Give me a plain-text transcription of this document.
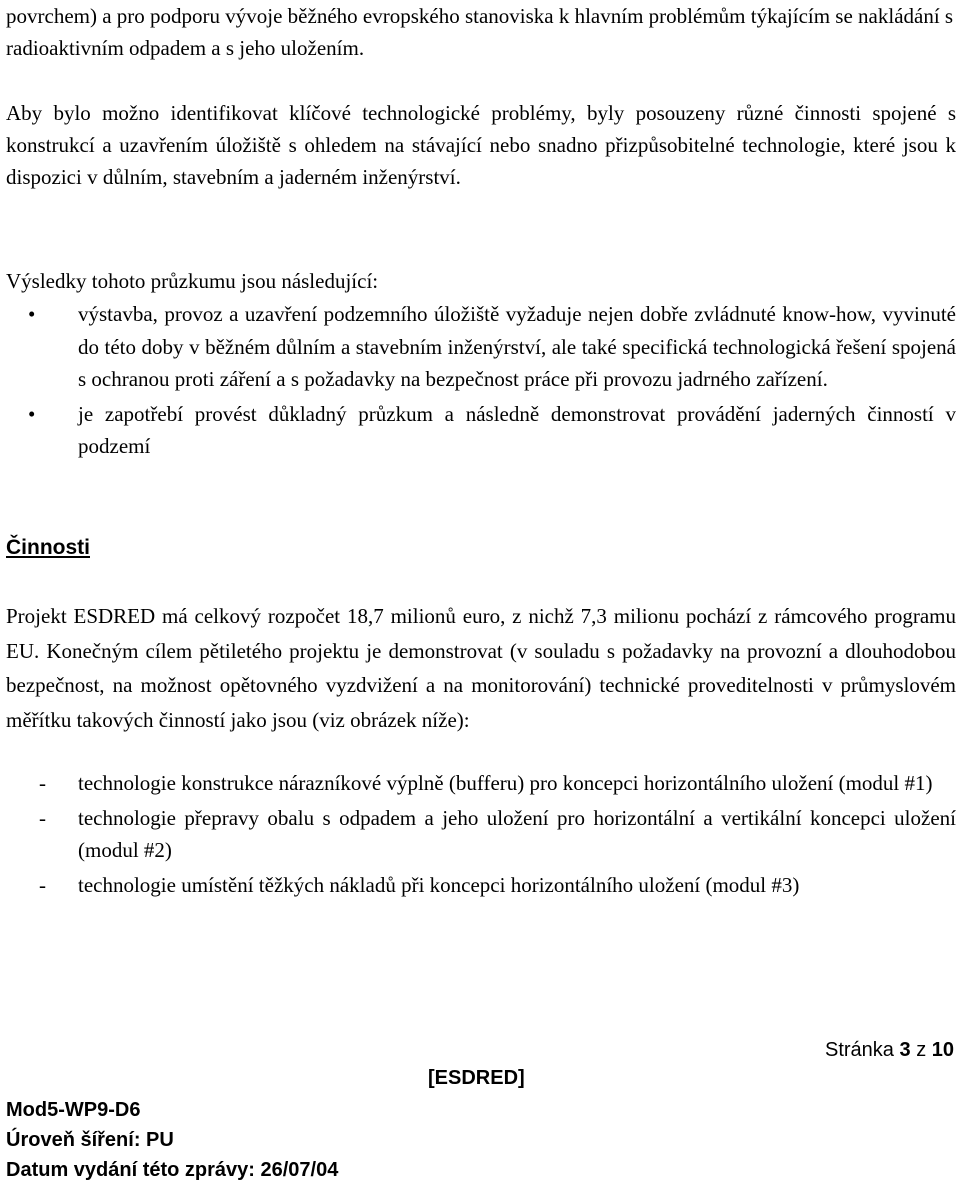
povrchem) a pro podporu vývoje běžného evropského stanoviska k hlavním problémům týkajícím se nakládání s radioaktivním odpadem a s jeho uložením.
Aby bylo možno identifikovat klíčové technologické problémy, byly posouzeny různé činnosti spojené s konstrukcí a uzavřením úložiště s ohledem na stávající nebo snadno přizpůsobitelné technologie, které jsou k dispozici v důlním, stavebním a jaderném inženýrství.
Výsledky tohoto průzkumu jsou následující:
• výstavba, provoz a uzavření podzemního úložiště vyžaduje nejen dobře zvládnuté know-how, vyvinuté do této doby v běžném důlním a stavebním inženýrství, ale také specifická technologická řešení spojená s ochranou proti záření a s požadavky na bezpečnost práce při provozu jadrného zařízení.
• je zapotřebí provést důkladný průzkum a následně demonstrovat provádění jaderných činností v podzemí
Činnosti
Projekt ESDRED má celkový rozpočet 18,7 milionů euro, z nichž 7,3 milionu pochází z rámcového programu EU. Konečným cílem pětiletého projektu je demonstrovat (v souladu s požadavky na provozní a dlouhodobou bezpečnost, na možnost opětovného vyzdvižení a na monitorování) technické proveditelnosti v průmyslovém měřítku takových činností jako jsou (viz obrázek níže):
- technologie konstrukce nárazníkové výplně (bufferu) pro koncepci horizontálního uložení (modul #1)
- technologie přepravy obalu s odpadem a jeho uložení pro horizontální a vertikální koncepci uložení (modul #2)
- technologie umístění těžkých nákladů při koncepci horizontálního uložení (modul #3)
Stránka 3 z 10
[ESDRED]
Mod5-WP9-D6
Úroveň šíření: PU
Datum vydání této zprávy: 26/07/04
